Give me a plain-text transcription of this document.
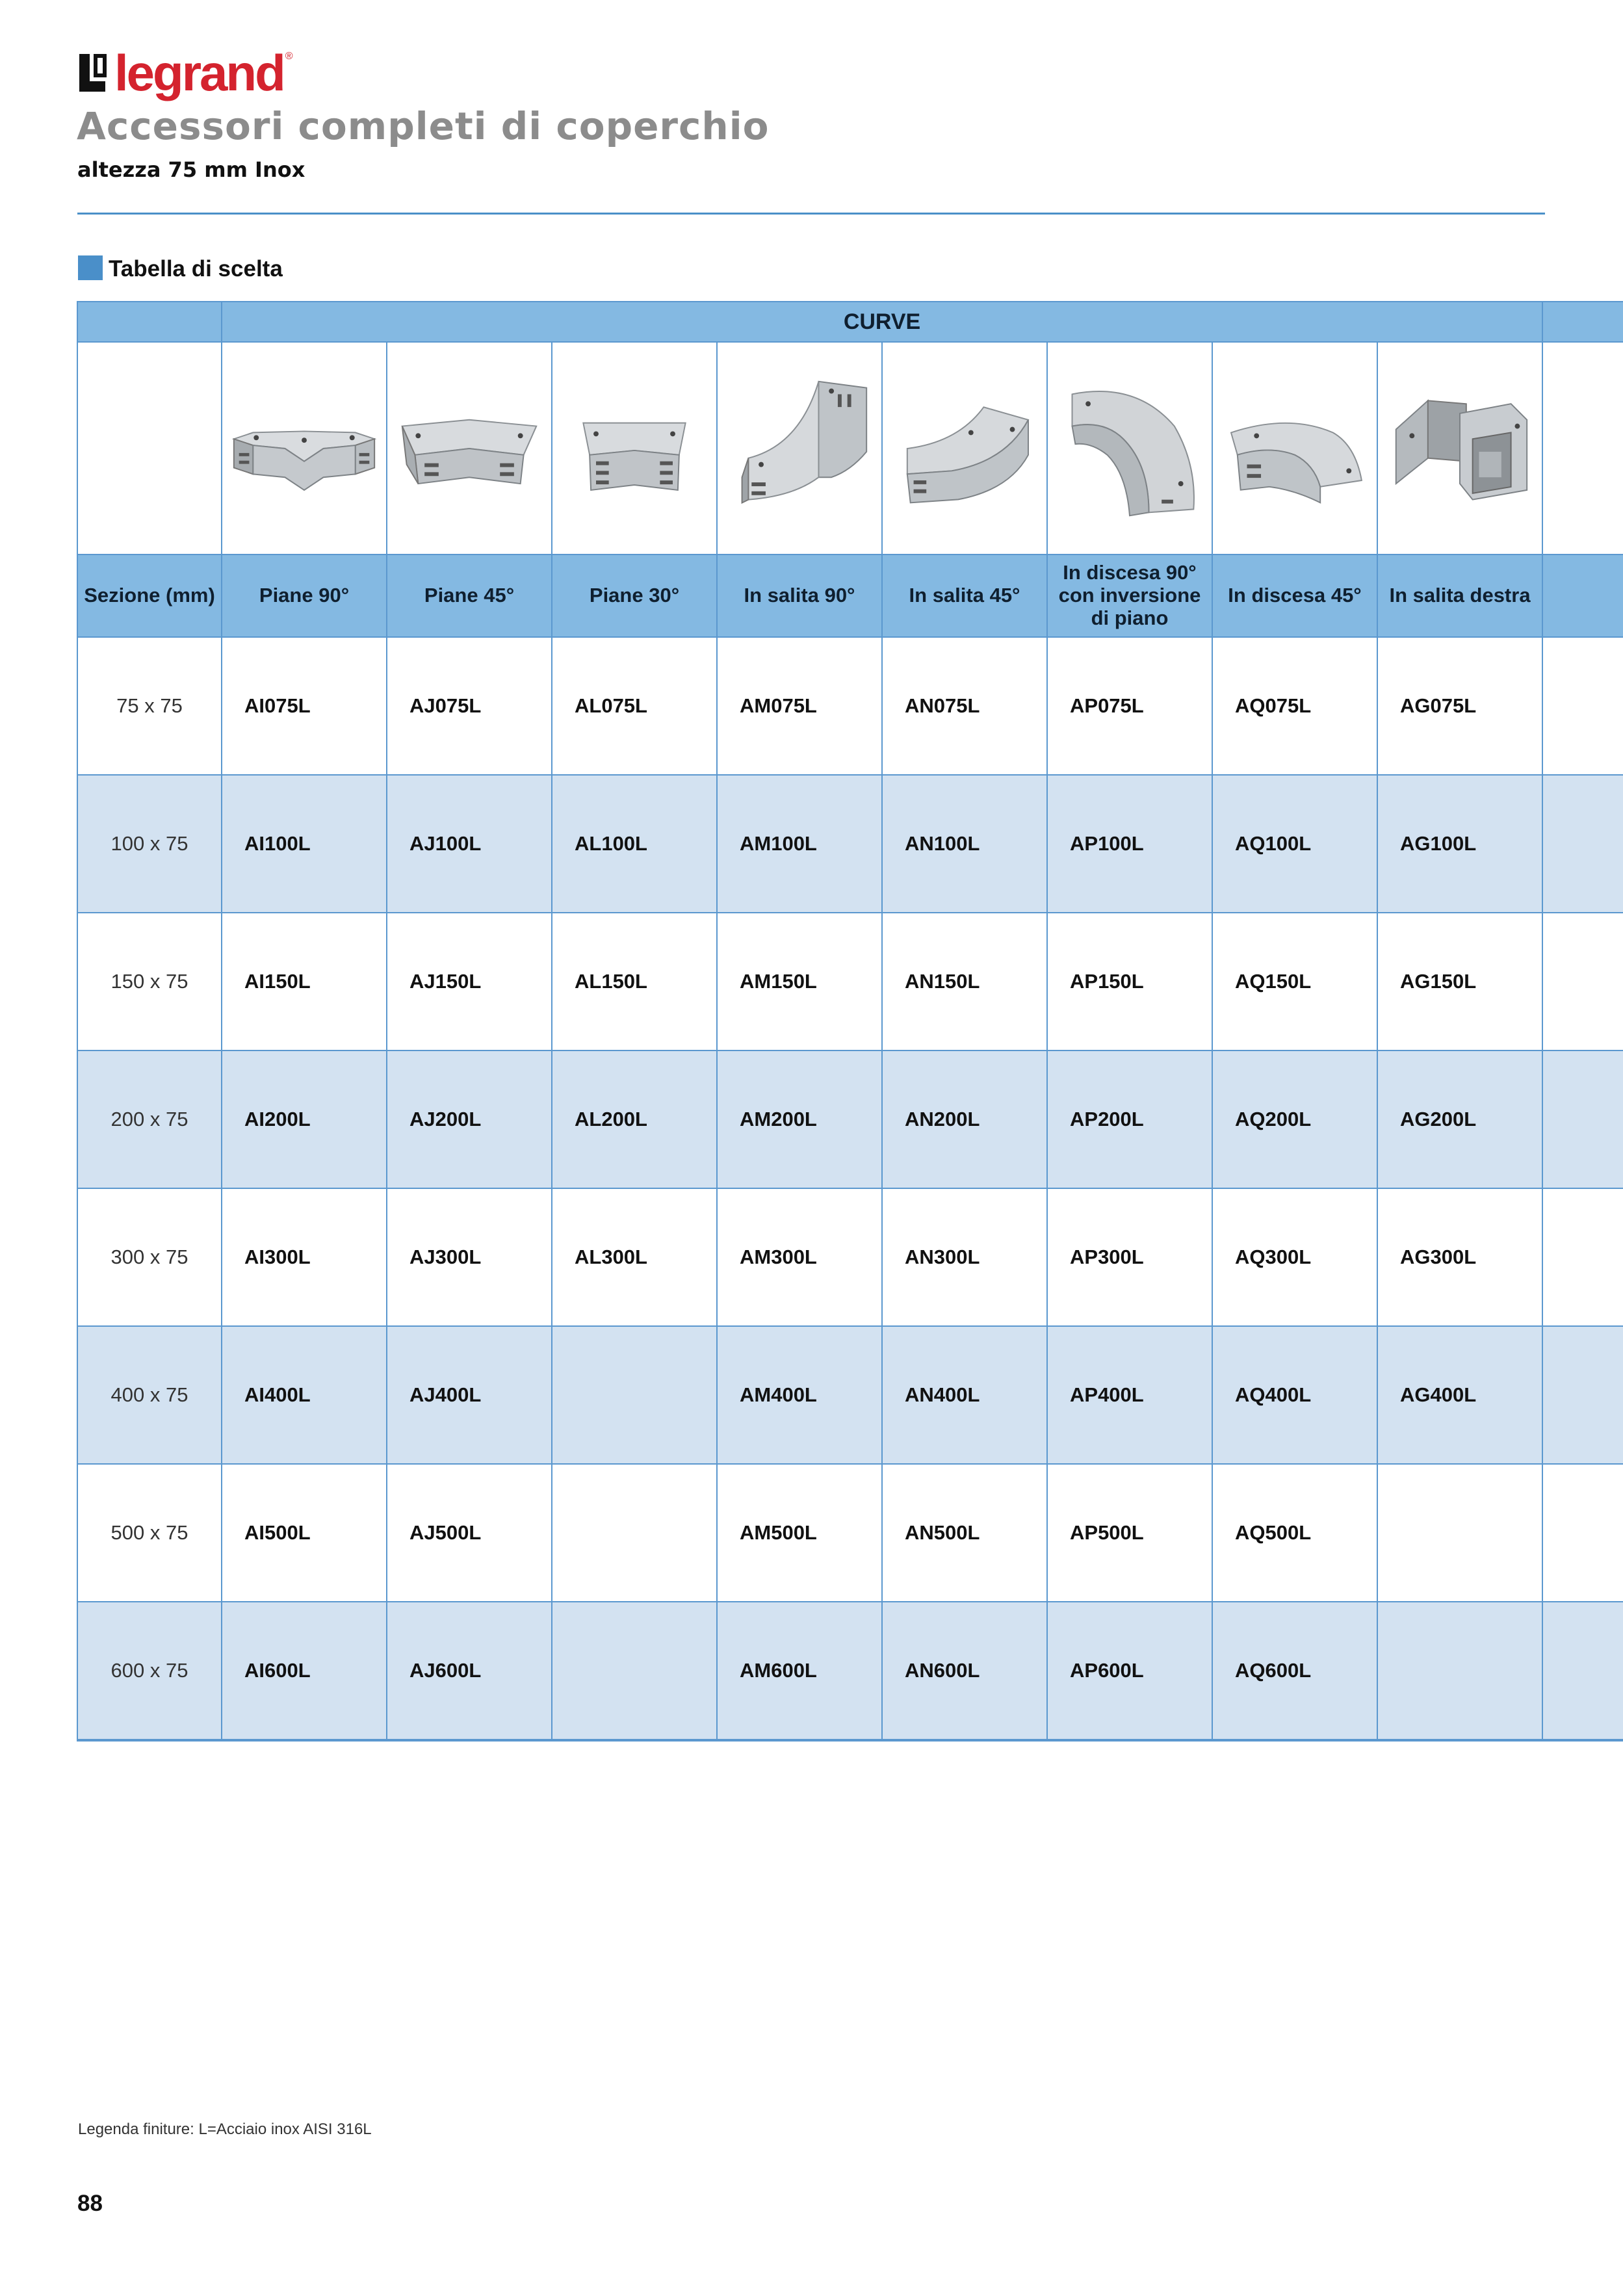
legrand ®
Accessori completi di coperchio
altezza 75 mm Inox
Tabella di scelta
	CURVE								

Sezione (mm)	Piane 90°	Piane 45°	Piane 30°	In salita 90°	In salita 45°	In discesa 90° con inversione di piano	In discesa 45°	In salita destra	
75 x 75	AI075L	AJ075L	AL075L	AM075L	AN075L	AP075L	AQ075L	AG075L	
100 x 75	AI100L	AJ100L	AL100L	AM100L	AN100L	AP100L	AQ100L	AG100L	
150 x 75	AI150L	AJ150L	AL150L	AM150L	AN150L	AP150L	AQ150L	AG150L	
200 x 75	AI200L	AJ200L	AL200L	AM200L	AN200L	AP200L	AQ200L	AG200L	
300 x 75	AI300L	AJ300L	AL300L	AM300L	AN300L	AP300L	AQ300L	AG300L	
400 x 75	AI400L	AJ400L		AM400L	AN400L	AP400L	AQ400L	AG400L	
500 x 75	AI500L	AJ500L		AM500L	AN500L	AP500L	AQ500L		
600 x 75	AI600L	AJ600L		AM600L	AN600L	AP600L	AQ600L		
Legenda finiture: L=Acciaio inox AISI 316L
88
